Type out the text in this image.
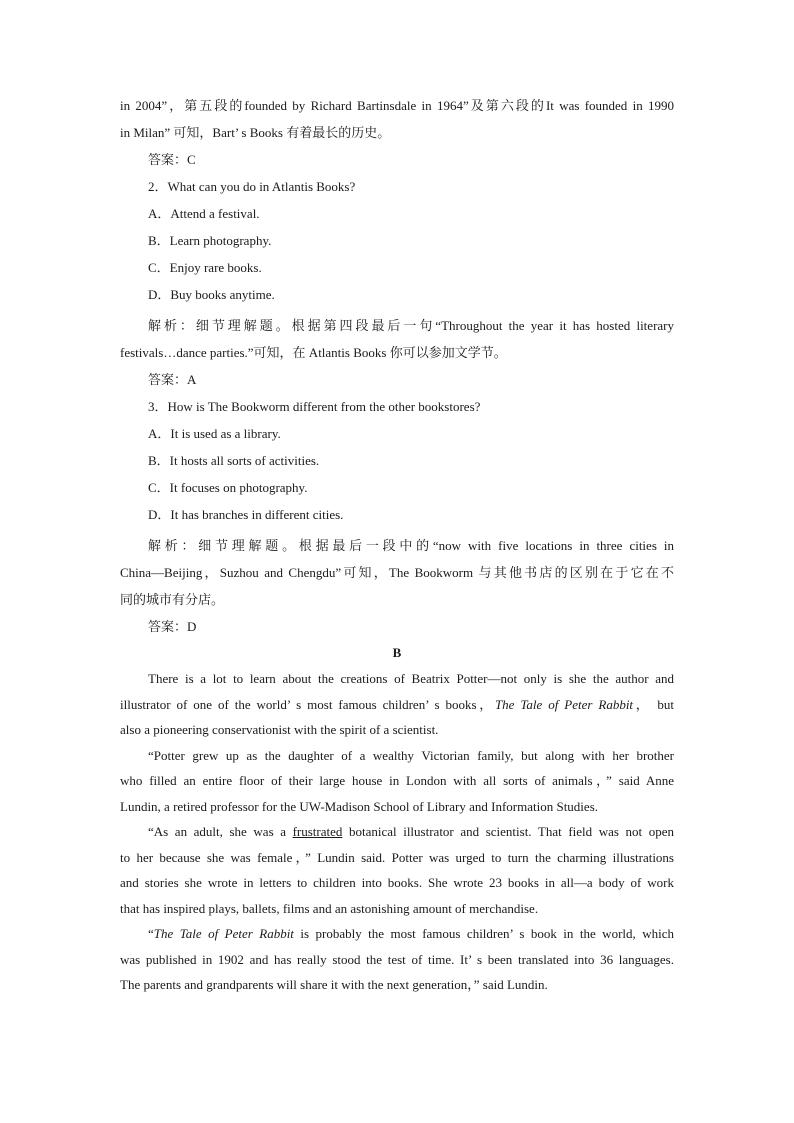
in 2004”，第五段的founded by Richard Bartinsdale in 1964”及第六段的It was founded in 1990
in Milan” 可知，Bart’ s Books 有着最长的历史。

答案：C

2．What can you do in Atlantis Books?

A．Attend a festival.

B．Learn photography.

C．Enjoy rare books.

D．Buy books anytime.

解析：细节理解题。根据第四段最后一句“Throughout the year it has hosted literary
festivals…dance parties.”可知，在 Atlantis Books 你可以参加文学节。

答案：A

3．How is The Bookworm different from the other bookstores?

A．It is used as a library.

B．It hosts all sorts of activities.

C．It focuses on photography.

D．It has branches in different cities.

解析：细节理解题。根据最后一段中的“now with five locations in three cities in
China—Beijing，Suzhou and Chengdu”可知，The Bookworm 与其他书店的区别在于它在不
同的城市有分店。

答案：D

B

There is a lot to learn about the creations of Beatrix Potter—not only is she the author and
illustrator of one of the world’ s most famous children’ s books，The Tale of Peter Rabbit， but
also a pioneering conservationist with the spirit of a scientist.

“Potter grew up as the daughter of a wealthy Victorian family, but along with her brother
who filled an entire floor of their large house in London with all sorts of animals，” said Anne
Lundin, a retired professor for the UW-Madison School of Library and Information Studies.

“As an adult, she was a frustrated botanical illustrator and scientist. That field was not open
to her because she was female，” Lundin said. Potter was urged to turn the charming illustrations
and stories she wrote in letters to children into books. She wrote 23 books in all—a body of work
that has inspired plays, ballets, films and an astonishing amount of merchandise.

“The Tale of Peter Rabbit is probably the most famous children’ s book in the world, which
was published in 1902 and has really stood the test of time. It’ s been translated into 36 languages.
The parents and grandparents will share it with the next generation，” said Lundin.
